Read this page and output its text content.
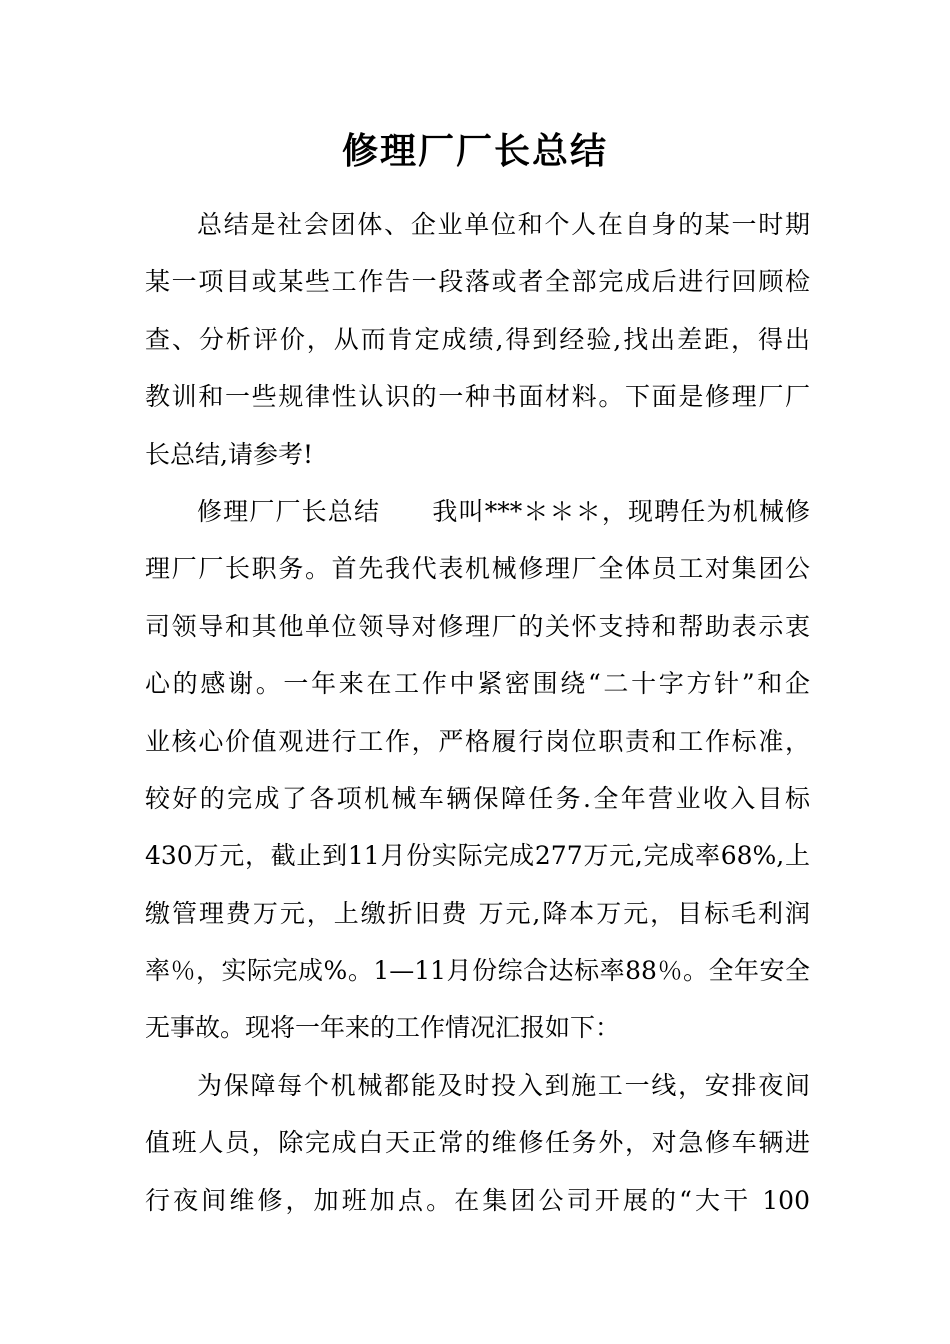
修理厂厂长总结
总结是社会团体、企业单位和个人在自身的某一时期
某一项目或某些工作告一段落或者全部完成后进行回顾检
查、分析评价，从而肯定成绩,得到经验,找出差距，得出
教训和一些规律性认识的一种书面材料。下面是修理厂厂
长总结,请参考!
修理厂厂长总结　　我叫***＊＊＊，现聘任为机械修
理厂厂长职务。首先我代表机械修理厂全体员工对集团公
司领导和其他单位领导对修理厂的关怀支持和帮助表示衷
心的感谢。一年来在工作中紧密围绕“二十字方针”和企
业核心价值观进行工作，严格履行岗位职责和工作标准，
较好的完成了各项机械车辆保障任务.全年营业收入目标
430万元，截止到11月份实际完成277万元,完成率68%,上
缴管理费万元，上缴折旧费 万元,降本万元，目标毛利润
率％，实际完成%。1—11月份综合达标率88％。全年安全
无事故。现将一年来的工作情况汇报如下：
为保障每个机械都能及时投入到施工一线，安排夜间
值班人员，除完成白天正常的维修任务外，对急修车辆进
行夜间维修，加班加点。在集团公司开展的“大干 100
